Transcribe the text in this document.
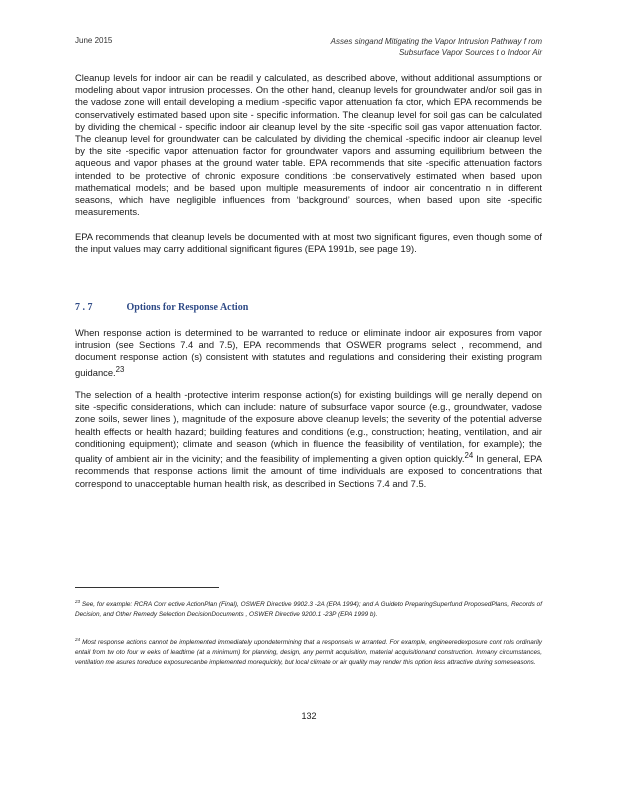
June 2015	Asses singand Mitigating the Vapor Intrusion Pathway f rom
Subsurface Vapor Sources t o Indoor Air

Cleanup levels for indoor air can be readil y calculated, as described above, without additional assumptions or modeling about vapor intrusion processes. On the other hand, cleanup levels for groundwater and/or soil gas in the vadose zone will entail developing a medium -specific vapor attenuation fa ctor, which EPA recommends be conservatively estimated based upon site - specific information. The cleanup level for soil gas can be calculated by dividing the chemical - specific indoor air cleanup level by the site -specific soil gas vapor attenuation factor. The cleanup level for groundwater can be calculated by dividing the chemical -specific indoor air cleanup level by the site -specific vapor attenuation factor for groundwater vapors and assuming equilibrium between the aqueous and vapor phases at the ground water table. EPA recommends that site -specific attenuation factors intended to be protective of chronic exposure conditions :be conservatively estimated when based upon mathematical models; and be based upon multiple measurements of indoor air concentratio n in different seasons, which have negligible influences from ‘background’ sources, when based upon site -specific measurements.

EPA recommends that cleanup levels be documented with at most two significant figures, even though some of the input values may carry additional significant figures (EPA 1991b, see page 19).

7 . 7	Options for Response Action

When response action is determined to be warranted to reduce or eliminate indoor air exposures from vapor intrusion (see Sections 7.4 and 7.5), EPA recommends that OSWER programs select , recommend, and document response action (s) consistent with statutes and regulations and considering their existing program guidance.$^{23}$

The selection of a health -protective interim response action(s) for existing buildings will ge nerally depend on site -specific considerations, which can include: nature of subsurface vapor source (e.g., groundwater, vadose zone soils, sewer lines ), magnitude of the exposure above cleanup levels; the severity of the potential adverse health effects or health hazard; building features and conditions (e.g., construction; heating, ventilation, and air conditioning equipment); climate and season (which in fluence the feasibility of ventilation, for example); the quality of ambient air in the vicinity; and the feasibility of implementing a given option quickly.$^{24}$ In general, EPA recommends that response actions limit the amount of time individuals are exposed to concentrations that correspond to unacceptable human health risk, as described in Sections 7.4 and 7.5.

$^{23}$ See, for example: RCRA Corr ective ActionPlan (Final), OSWER Directive 9902.3 -2A (EPA 1994); and A Guideto PreparingSuperfund ProposedPlans, Records of Decision, and Other Remedy Selection DecisionDocuments , OSWER Directive 9200.1 -23P (EPA 1999 b).
$^{24}$ Most response actions cannot be implemented immediately upondetermining that a responseis w arranted. For example, engineeredexposure cont rols ordinarily entail from tw oto four w eeks of leadtime (at a minimum) for planning, design, any permit acquisition, material acquisitionand construction. Inmany circumstances, ventilation me asures toreduce exposurecanbe implemented morequickly, but local climate or air quality may render this option less attractive during someseasons.
132
